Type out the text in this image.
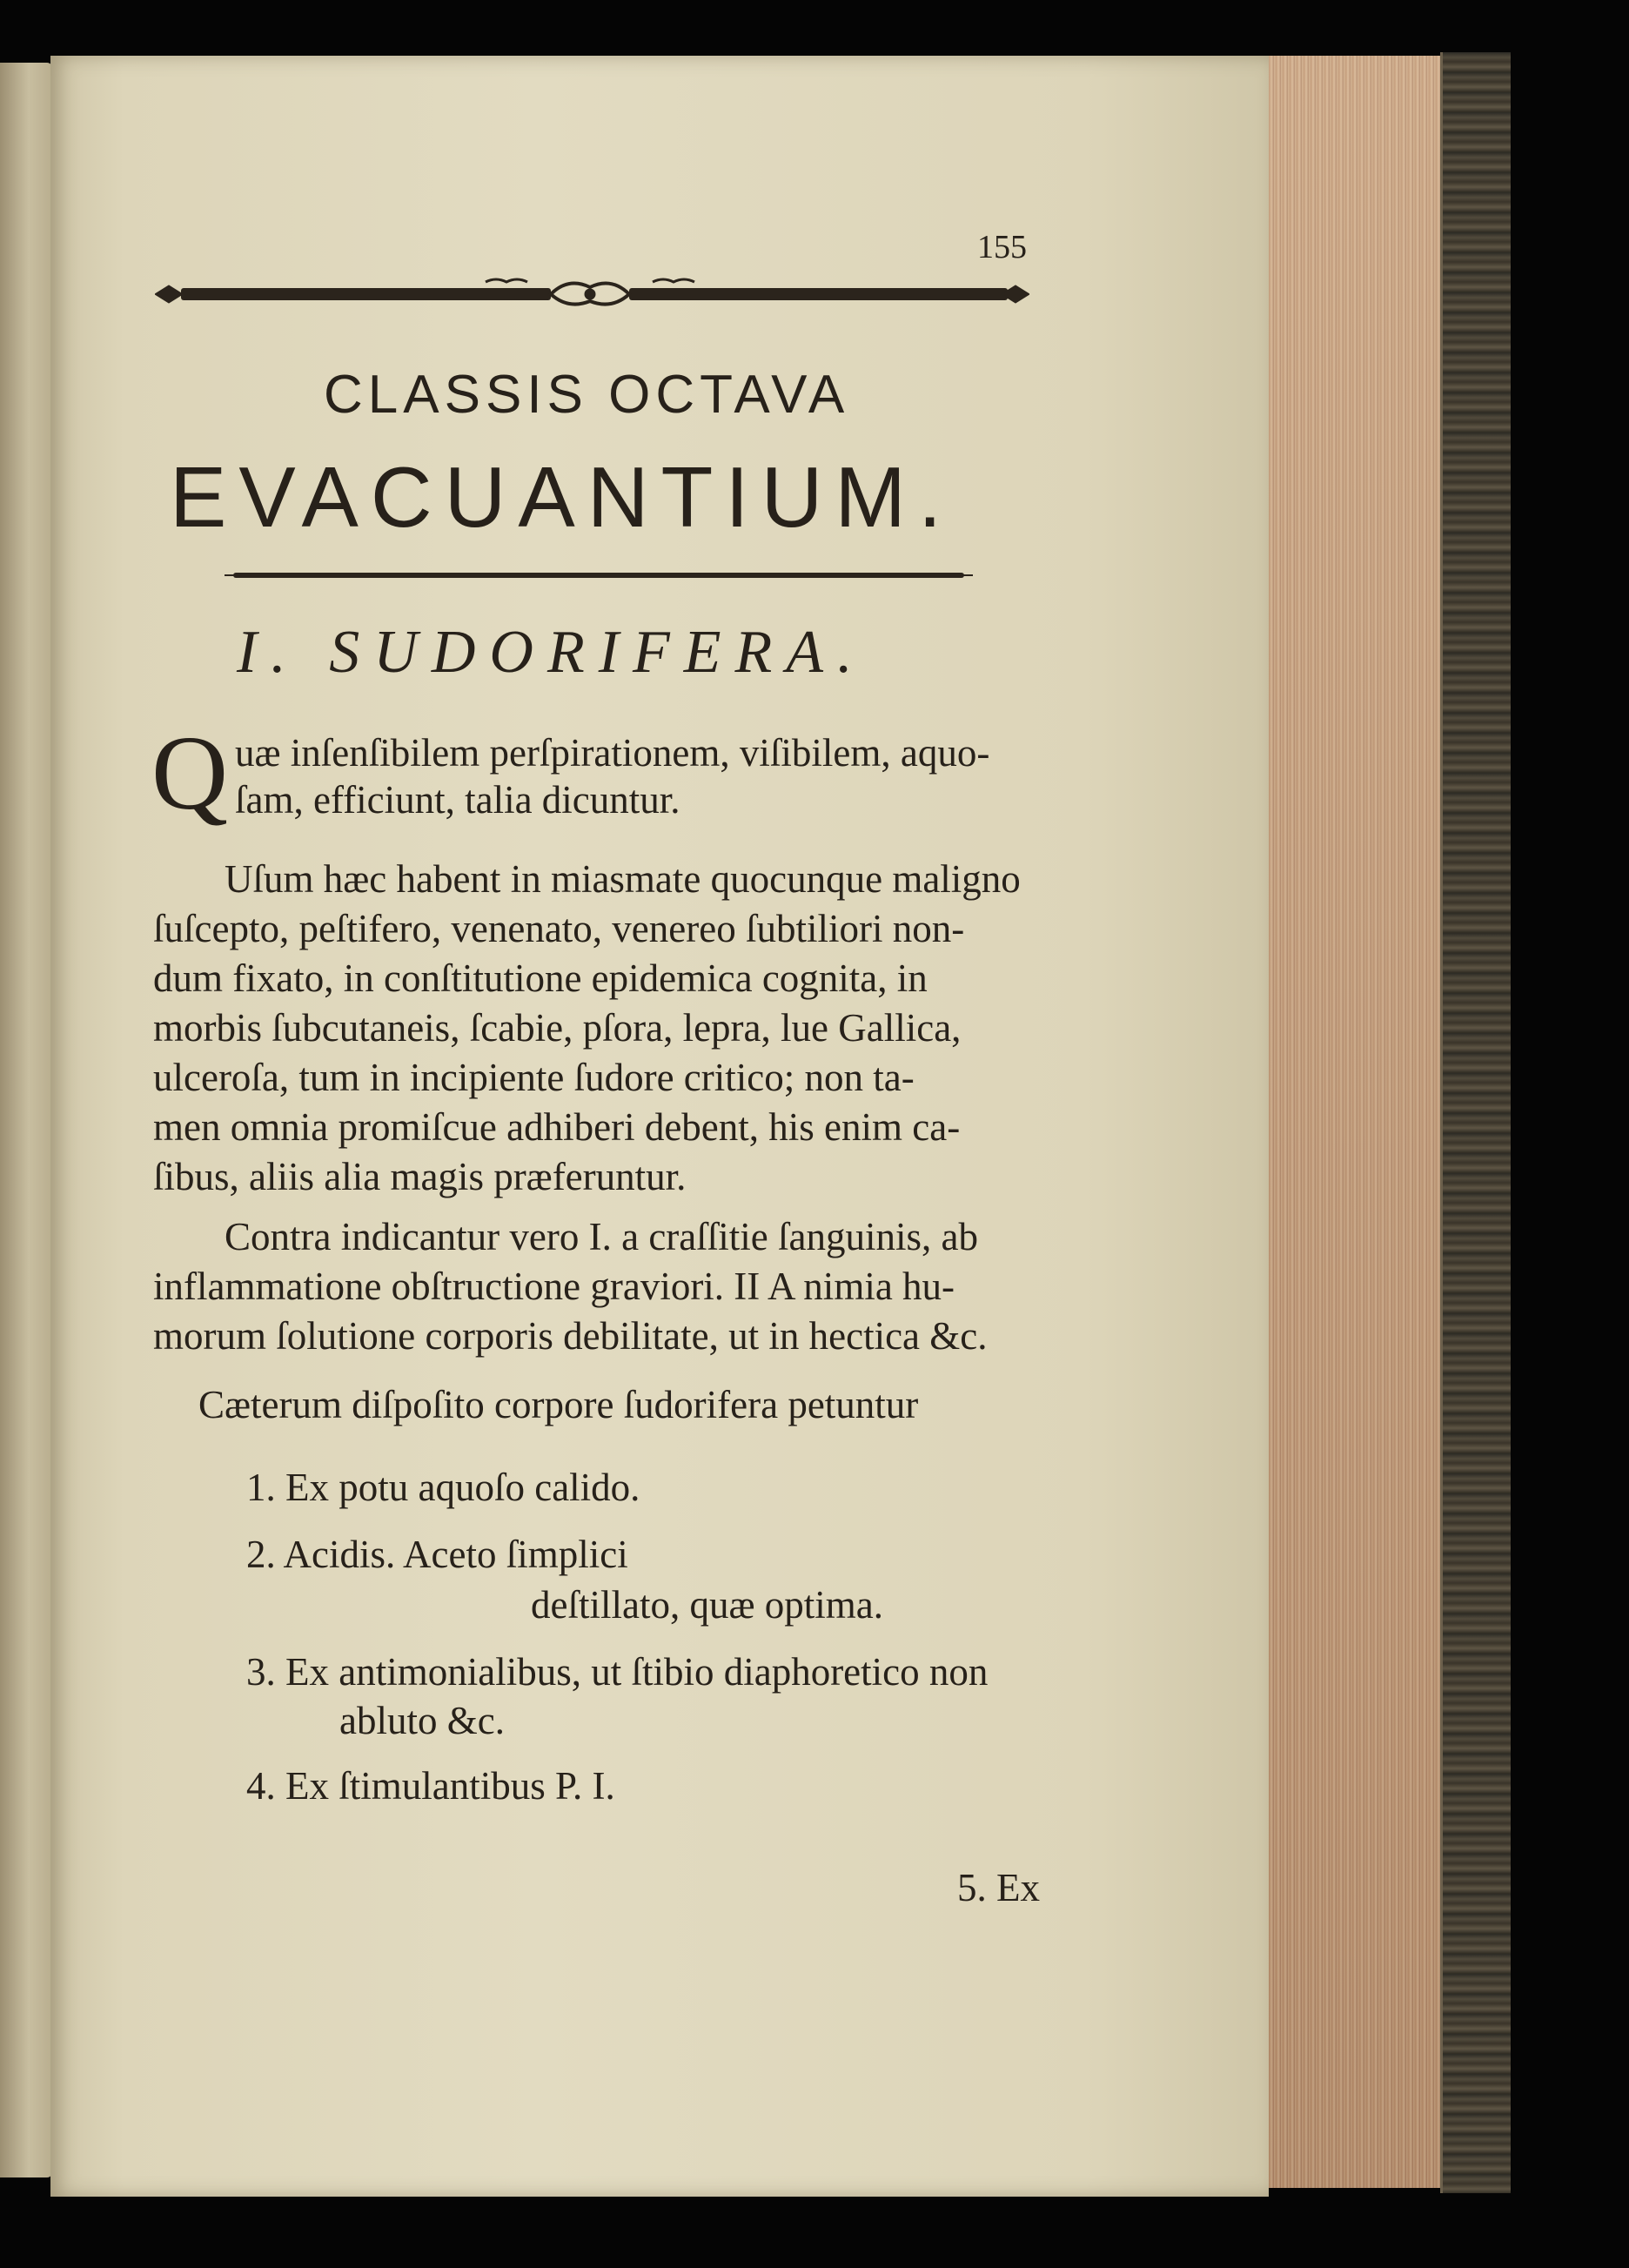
155

CLASSIS OCTAVA

EVACUANTIUM.

I. SUDORIFERA.

Q uæ inſenſibilem perſpirationem, viſibilem, aquo-

ſam, efficiunt, talia dicuntur.

Uſum hæc habent in miasmate quocunque maligno

ſuſcepto, peſtifero, venenato, venereo ſubtiliori non-

dum fixato, in conſtitutione epidemica cognita, in

morbis ſubcutaneis, ſcabie, pſora, lepra, lue Gallica,

ulceroſa, tum in incipiente ſudore critico; non ta-

men omnia promiſcue adhiberi debent, his enim ca-

ſibus, aliis alia magis præferuntur.

Contra indicantur vero I. a craſſitie ſanguinis, ab

inflammatione obſtructione graviori. II A nimia hu-

morum ſolutione corporis debilitate, ut in hectica &c.

Cæterum diſpoſito corpore ſudorifera petuntur

1. Ex potu aquoſo calido.

2. Acidis. Aceto ſimplici

deſtillato, quæ optima.

3. Ex antimonialibus, ut ſtibio diaphoretico non

abluto &c.

4. Ex ſtimulantibus P. I.

5. Ex
